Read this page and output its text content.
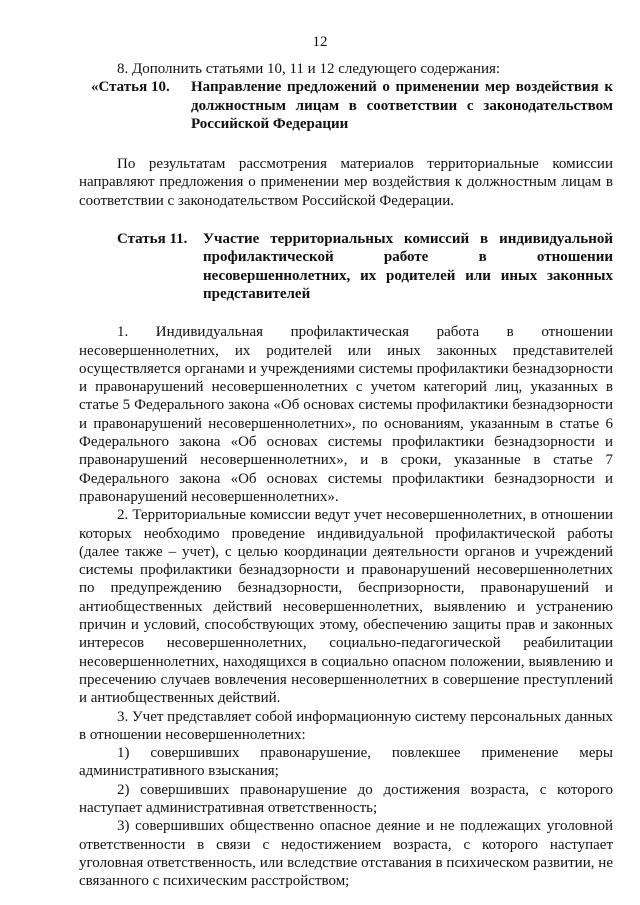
12

8. Дополнить статьями 10, 11 и 12 следующего содержания:

«Статья 10.	Направление предложений о применении мер воздействия к должностным лицам в соответствии с законодательством Российской Федерации

По результатам рассмотрения материалов территориальные комиссии направляют предложения о применении мер воздействия к должностным лицам в соответствии с законодательством Российской Федерации.

Статья 11.	Участие территориальных комиссий в индивидуальной профилактической работе в отношении несовершеннолетних, их родителей или иных законных представителей

1. Индивидуальная профилактическая работа в отношении несовершеннолетних, их родителей или иных законных представителей осуществляется органами и учреждениями системы профилактики безнадзорности и правонарушений несовершеннолетних с учетом категорий лиц, указанных в статье 5 Федерального закона «Об основах системы профилактики безнадзорности и правонарушений несовершеннолетних», по основаниям, указанным в статье 6 Федерального закона «Об основах системы профилактики безнадзорности и правонарушений несовершеннолетних», и в сроки, указанные в статье 7 Федерального закона «Об основах системы профилактики безнадзорности и правонарушений несовершеннолетних».

2. Территориальные комиссии ведут учет несовершеннолетних, в отношении которых необходимо проведение индивидуальной профилактической работы (далее также – учет), с целью координации деятельности органов и учреждений системы профилактики безнадзорности и правонарушений несовершеннолетних по предупреждению безнадзорности, беспризорности, правонарушений и антиобщественных действий несовершеннолетних, выявлению и устранению причин и условий, способствующих этому, обеспечению защиты прав и законных интересов несовершеннолетних, социально-педагогической реабилитации несовершеннолетних, находящихся в социально опасном положении, выявлению и пресечению случаев вовлечения несовершеннолетних в совершение преступлений и антиобщественных действий.

3. Учет представляет собой информационную систему персональных данных в отношении несовершеннолетних:

1) совершивших правонарушение, повлекшее применение меры административного взыскания;

2) совершивших правонарушение до достижения возраста, с которого наступает административная ответственность;

3) совершивших общественно опасное деяние и не подлежащих уголовной ответственности в связи с недостижением возраста, с которого наступает уголовная ответственность, или вследствие отставания в психическом развитии, не связанного с психическим расстройством;
